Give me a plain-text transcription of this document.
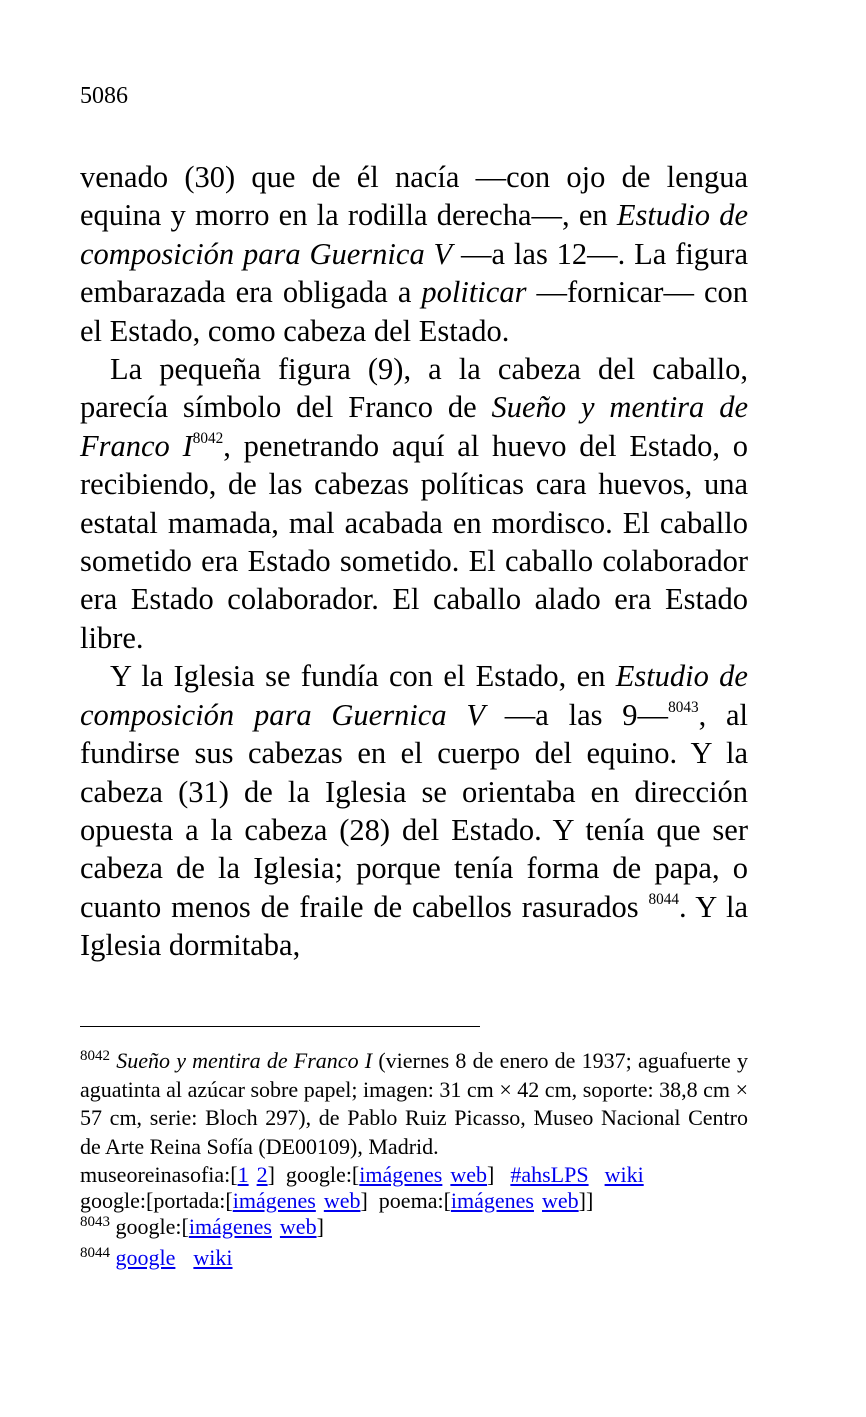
5086

venado (30) que de él nacía —con ojo de lengua equina y morro en la rodilla derecha—, en Estudio de composición para Guernica V —a las 12—. La figura embarazada era obligada a politicar —fornicar— con el Estado, como cabeza del Estado.

La pequeña figura (9), a la cabeza del caballo, parecía símbolo del Franco de Sueño y mentira de Franco $I^{8042}$, penetrando aquí al huevo del Estado, o recibiendo, de las cabezas políticas cara huevos, una estatal mamada, mal acabada en mordisco. El caballo sometido era Estado sometido. El caballo colaborador era Estado colaborador. El caballo alado era Estado libre.

Y la Iglesia se fundía con el Estado, en Estudio de composición para Guernica V —a las 9—$^{8043}$, al fundirse sus cabezas en el cuerpo del equino. Y la cabeza (31) de la Iglesia se orientaba en dirección opuesta a la cabeza (28) del Estado. Y tenía que ser cabeza de la Iglesia; porque tenía forma de papa, o cuanto menos de fraile de cabellos rasurados $^{8044}$. Y la Iglesia dormitaba,

$^{8042}$ Sueño y mentira de Franco I (viernes 8 de enero de 1937; aguafuerte y aguatinta al azúcar sobre papel; imagen: 31 cm × 42 cm, soporte: 38,8 cm × 57 cm, serie: Bloch 297), de Pablo Ruiz Picasso, Museo Nacional Centro de Arte Reina Sofía (DE00109), Madrid.

museoreinasofia:[1 2]  google:[imágenes web] #ahsLPS wiki

google:[portada:[imágenes web]  poema:[imágenes web]]

$^{8043}$ google:[imágenes web]

$^{8044}$ google wiki
